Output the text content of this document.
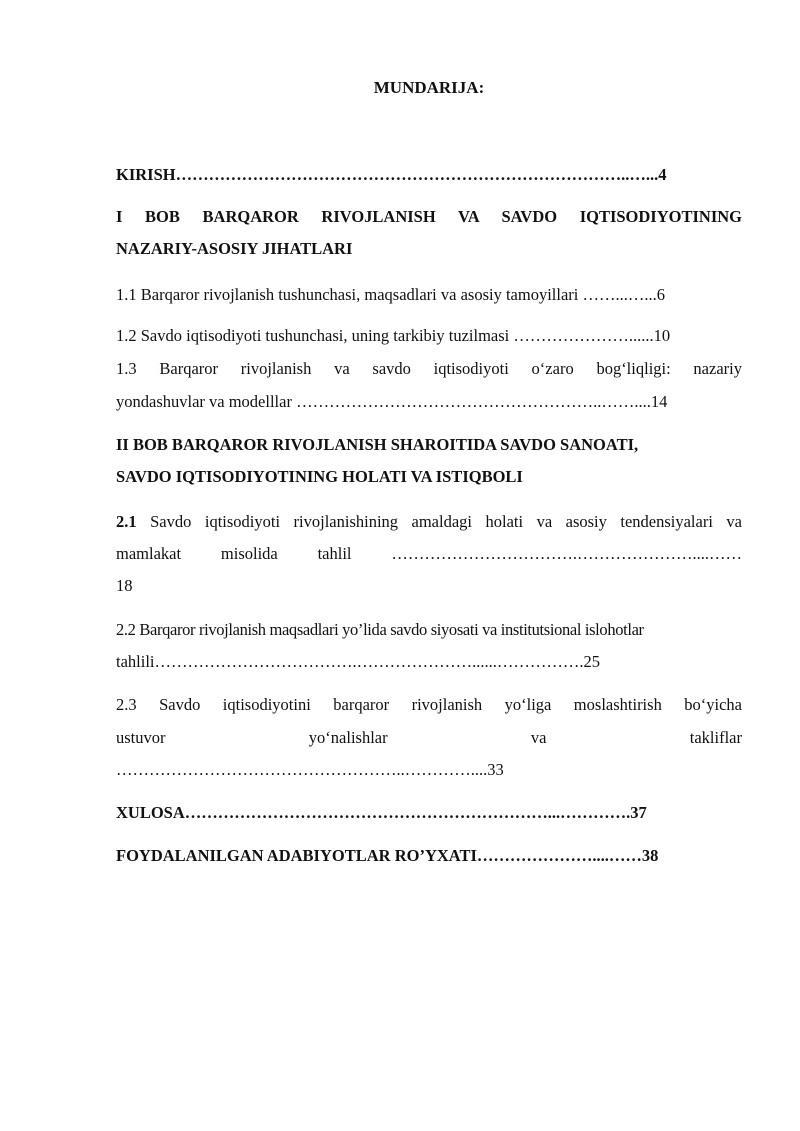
MUNDARIJA:
KIRISH………………………………………………………………………..…...4
I BOB BARQAROR RIVOJLANISH VA SAVDO IQTISODIYOTINING
NAZARIY-ASOSIY JIHATLARI
1.1 Barqaror rivojlanish tushunchasi, maqsadlari va asosiy tamoyillari ……...…...6
1.2 Savdo iqtisodiyoti tushunchasi, uning tarkibiy tuzilmasi …………………......10
1.3 Barqaror rivojlanish va savdo iqtisodiyoti o‘zaro bog‘liqligi: nazariy
yondashuvlar va modelllar ………………………………………………..……....14
II BOB BARQAROR RIVOJLANISH SHAROITIDA SAVDO SANOATI,
SAVDO IQTISODIYOTINING HOLATI VA ISTIQBOLI
2.1 Savdo iqtisodiyoti rivojlanishining amaldagi holati va asosiy tendensiyalari va
mamlakat misolida tahlil …………………………….…………………....……
18
2.2 Barqaror rivojlanish maqsadlari yo’lida savdo siyosati va institutsional islohotlar
tahlili……………………………….…………………......…………….25
2.3 Savdo iqtisodiyotini barqaror rivojlanish yo‘liga moslashtirish bo‘yicha
ustuvor yo‘nalishlar va takliflar
……………………………………………..…………....33
XULOSA…………………………………………………………...………….37
FOYDALANILGAN ADABIYOTLAR RO’YXATI…………………....……38
